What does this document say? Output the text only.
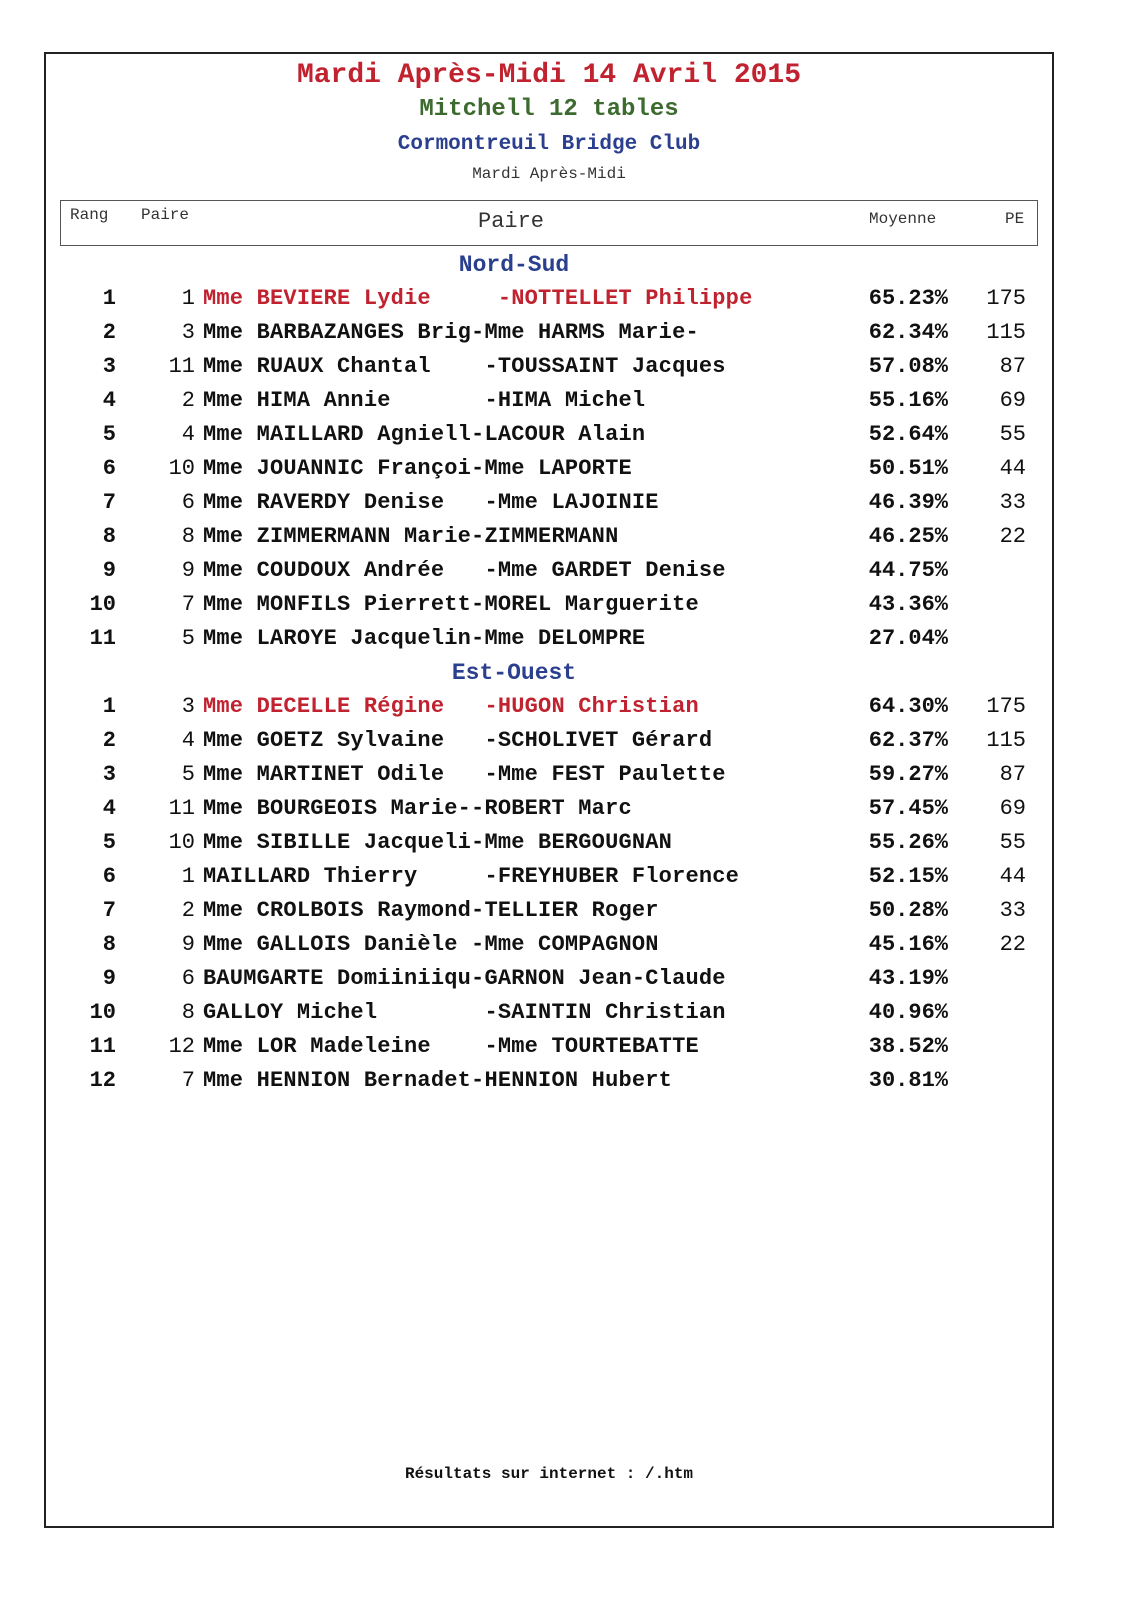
Mardi Après-Midi 14 Avril 2015
Mitchell 12 tables
Cormontreuil Bridge Club
Mardi Après-Midi
Rang Paire	Paire	Moyenne	PE
Nord-Sud
1	1 Mme BEVIERE Lydie     -NOTTELLET Philippe	65.23%	175
2	3 Mme BARBAZANGES Brig-Mme HARMS Marie-	62.34%	115
3	11 Mme RUAUX Chantal    -TOUSSAINT Jacques	57.08%	87
4	2 Mme HIMA Annie       -HIMA Michel	55.16%	69
5	4 Mme MAILLARD Agniell-LACOUR Alain	52.64%	55
6	10 Mme JOUANNIC Françoi-Mme LAPORTE	50.51%	44
7	6 Mme RAVERDY Denise   -Mme LAJOINIE	46.39%	33
8	8 Mme ZIMMERMANN Marie-ZIMMERMANN	46.25%	22
9	9 Mme COUDOUX Andrée   -Mme GARDET Denise	44.75%
10	7 Mme MONFILS Pierrett-MOREL Marguerite	43.36%
11	5 Mme LAROYE Jacquelin-Mme DELOMPRE	27.04%
Est-Ouest
1	3 Mme DECELLE Régine   -HUGON Christian	64.30%	175
2	4 Mme GOETZ Sylvaine   -SCHOLIVET Gérard	62.37%	115
3	5 Mme MARTINET Odile   -Mme FEST Paulette	59.27%	87
4	11 Mme BOURGEOIS Marie--ROBERT Marc	57.45%	69
5	10 Mme SIBILLE Jacqueli-Mme BERGOUGNAN	55.26%	55
6	1 MAILLARD Thierry     -FREYHUBER Florence	52.15%	44
7	2 Mme CROLBOIS Raymond-TELLIER Roger	50.28%	33
8	9 Mme GALLOIS Danièle -Mme COMPAGNON	45.16%	22
9	6 BAUMGARTE Domiiniiqu-GARNON Jean-Claude	43.19%
10	8 GALLOY Michel        -SAINTIN Christian	40.96%
11	12 Mme LOR Madeleine    -Mme TOURTEBATTE	38.52%
12	7 Mme HENNION Bernadet-HENNION Hubert	30.81%
Résultats sur internet : /.htm
